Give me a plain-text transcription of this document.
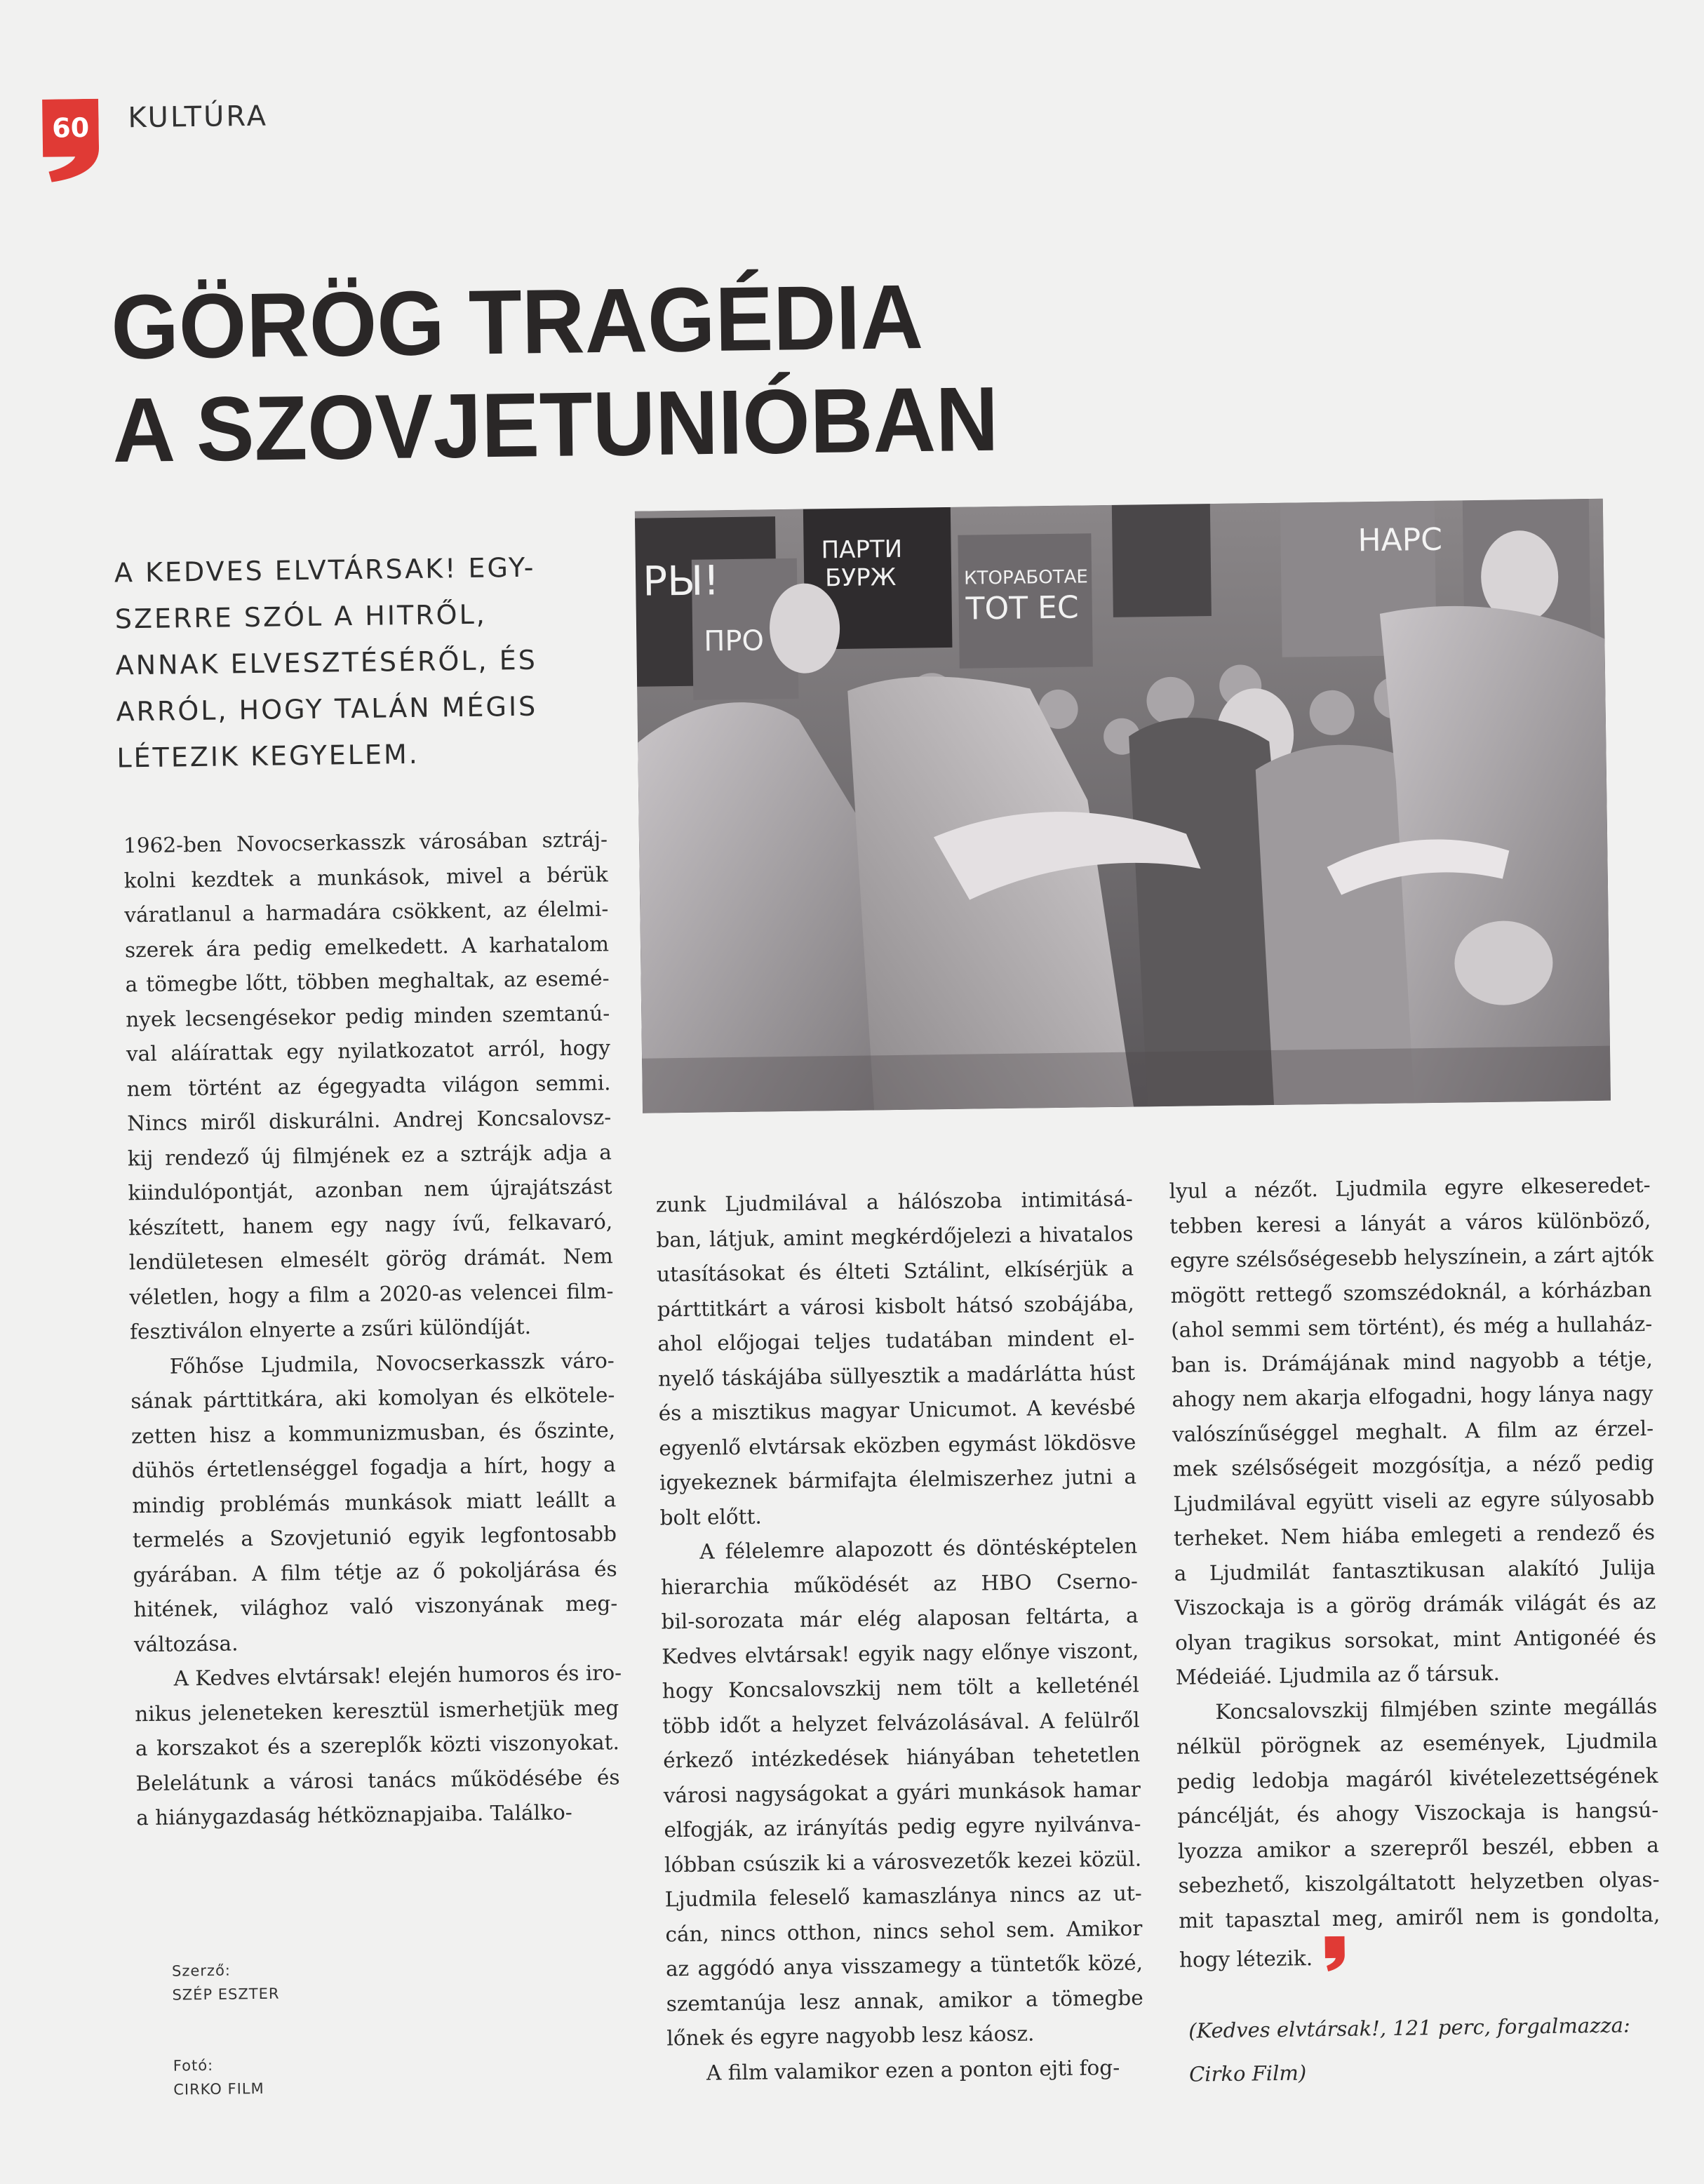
60 KULTÚRA
GÖRÖG TRAGÉDIA
A SZOVJETUNIÓBAN
A KEDVES ELVTÁRSAK! EGY-
SZERRE SZÓL A HITRŐL,
ANNAK ELVESZTÉSÉRŐL, ÉS
ARRÓL, HOGY TALÁN MÉGIS
LÉTEZIK KEGYELEM.
РЫ!
ПРО
ПАРТИ
БУРЖ	КТОРАБОТАЕ
ТОТ ЕС
НАРС
1962-ben Novocserkasszk városában sztráj-
kolni kezdtek a munkások, mivel a bérük
váratlanul a harmadára csökkent, az élelmi-
szerek ára pedig emelkedett. A karhatalom
a tömegbe lőtt, többen meghaltak, az esemé-
nyek lecsengésekor pedig minden szemtanú-
val aláírattak egy nyilatkozatot arról, hogy
nem történt az égegyadta világon semmi.
Nincs miről diskurálni. Andrej Koncsalovsz-
kij rendező új filmjének ez a sztrájk adja a
kiindulópontját, azonban nem újrajátszást
készített, hanem egy nagy ívű, felkavaró,
lendületesen elmesélt görög drámát. Nem
véletlen, hogy a film a 2020-as velencei film-
fesztiválon elnyerte a zsűri különdíját.
Főhőse Ljudmila, Novocserkasszk váro-
sának párttitkára, aki komolyan és elkötele-
zetten hisz a kommunizmusban, és őszinte,
dühös értetlenséggel fogadja a hírt, hogy a
mindig problémás munkások miatt leállt a
termelés a Szovjetunió egyik legfontosabb
gyárában. A film tétje az ő pokoljárása és
hitének, világhoz való viszonyának meg-
változása.
A Kedves elvtársak! elején humoros és iro-
nikus jeleneteken keresztül ismerhetjük meg
a korszakot és a szereplők közti viszonyokat.
Belelátunk a városi tanács működésébe és
a hiánygazdaság hétköznapjaiba. Találko-
zunk Ljudmilával a hálószoba intimitásá-
ban, látjuk, amint megkérdőjelezi a hivatalos
utasításokat és élteti Sztálint, elkísérjük a
párttitkárt a városi kisbolt hátsó szobájába,
ahol előjogai teljes tudatában mindent el-
nyelő táskájába süllyesztik a madárlátta húst
és a misztikus magyar Unicumot. A kevésbé
egyenlő elvtársak eközben egymást lökdösve
igyekeznek bármifajta élelmiszerhez jutni a
bolt előtt.
A félelemre alapozott és döntésképtelen
hierarchia működését az HBO Cserno-
bil-sorozata már elég alaposan feltárta, a
Kedves elvtársak! egyik nagy előnye viszont,
hogy Koncsalovszkij nem tölt a kelleténél
több időt a helyzet felvázolásával. A felülről
érkező intézkedések hiányában tehetetlen
városi nagyságokat a gyári munkások hamar
elfogják, az irányítás pedig egyre nyilvánva-
lóbban csúszik ki a városvezetők kezei közül.
Ljudmila feleselő kamaszlánya nincs az ut-
cán, nincs otthon, nincs sehol sem. Amikor
az aggódó anya visszamegy a tüntetők közé,
szemtanúja lesz annak, amikor a tömegbe
lőnek és egyre nagyobb lesz káosz.
A film valamikor ezen a ponton ejti fog-
lyul a nézőt. Ljudmila egyre elkeseredet-
tebben keresi a lányát a város különböző,
egyre szélsőségesebb helyszínein, a zárt ajtók
mögött rettegő szomszédoknál, a kórházban
(ahol semmi sem történt), és még a hullaház-
ban is. Drámájának mind nagyobb a tétje,
ahogy nem akarja elfogadni, hogy lánya nagy
valószínűséggel meghalt. A film az érzel-
mek szélsőségeit mozgósítja, a néző pedig
Ljudmilával együtt viseli az egyre súlyosabb
terheket. Nem hiába emlegeti a rendező és
a Ljudmilát fantasztikusan alakító Julija
Viszockaja is a görög drámák világát és az
olyan tragikus sorsokat, mint Antigonéé és
Médeiáé. Ljudmila az ő társuk.
Koncsalovszkij filmjében szinte megállás
nélkül pörögnek az események, Ljudmila
pedig ledobja magáról kivételezettségének
páncélját, és ahogy Viszockaja is hangsú-
lyozza amikor a szerepről beszél, ebben a
sebezhető, kiszolgáltatott helyzetben olyas-
mit tapasztal meg, amiről nem is gondolta,
hogy létezik.
Szerző:
SZÉP ESZTER
Fotó:
CIRKO FILM
(Kedves elvtársak!, 121 perc, forgalmazza:
Cirko Film)
